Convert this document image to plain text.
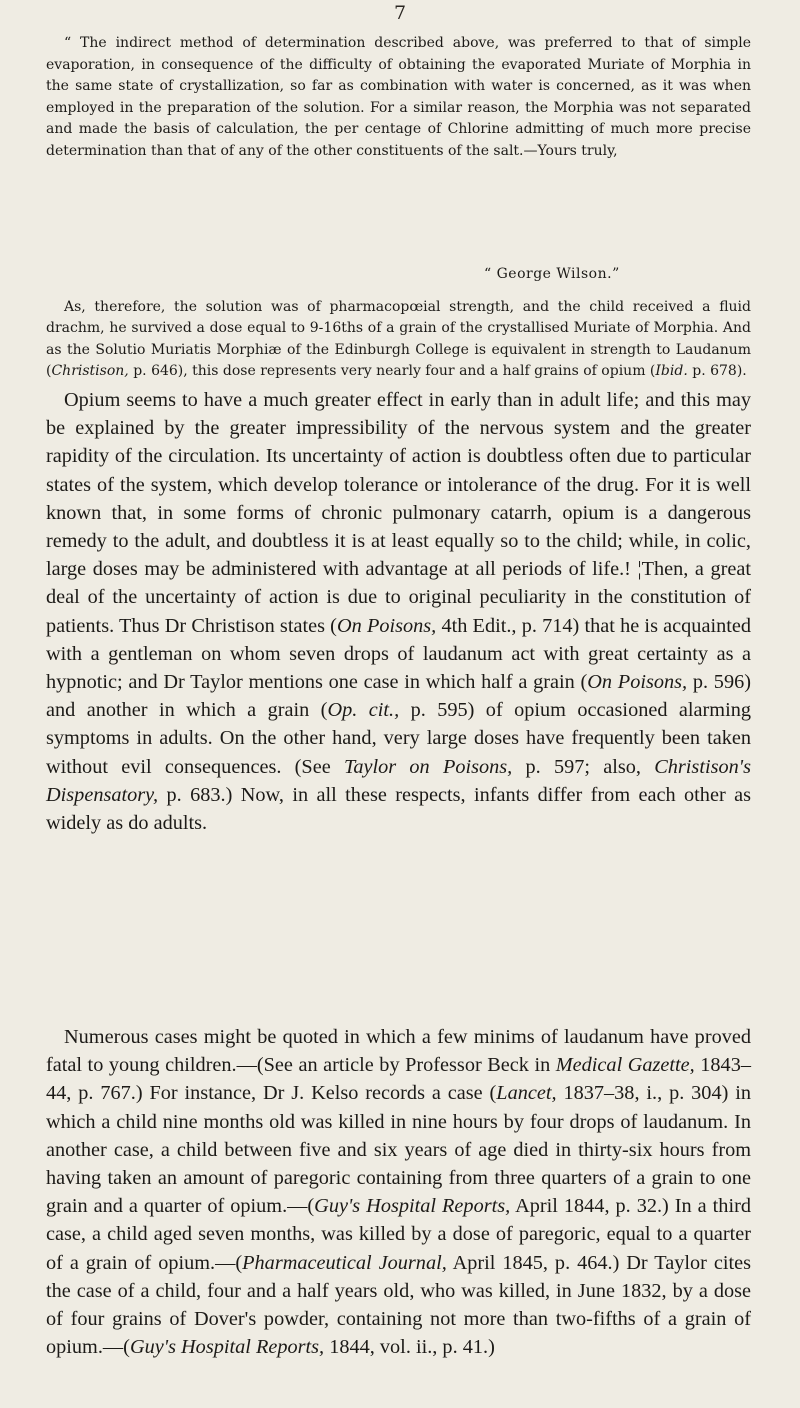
7

“ The indirect method of determination described above, was preferred to that of simple evaporation, in consequence of the difficulty of obtaining the evaporated Muriate of Morphia in the same state of crystallization, so far as combination with water is concerned, as it was when employed in the preparation of the solution. For a similar reason, the Morphia was not separated and made the basis of calculation, the per centage of Chlorine admitting of much more precise determination than that of any of the other constituents of the salt.—Yours truly,

“ George Wilson.”

As, therefore, the solution was of pharmacopœial strength, and the child received a fluid drachm, he survived a dose equal to 9-16ths of a grain of the crystallised Muriate of Morphia. And as the Solutio Muriatis Morphiæ of the Edinburgh College is equivalent in strength to Laudanum (Christison, p. 646), this dose represents very nearly four and a half grains of opium (Ibid. p. 678).

Opium seems to have a much greater effect in early than in adult life; and this may be explained by the greater impressibility of the nervous system and the greater rapidity of the circulation. Its uncertainty of action is doubtless often due to particular states of the system, which develop tolerance or intolerance of the drug. For it is well known that, in some forms of chronic pulmonary catarrh, opium is a dangerous remedy to the adult, and doubtless it is at least equally so to the child; while, in colic, large doses may be administered with advantage at all periods of life.! ¦Then, a great deal of the uncertainty of action is due to original peculiarity in the constitution of patients. Thus Dr Christison states (On Poisons, 4th Edit., p. 714) that he is acquainted with a gentleman on whom seven drops of laudanum act with great certainty as a hypnotic; and Dr Taylor mentions one case in which half a grain (On Poisons, p. 596) and another in which a grain (Op. cit., p. 595) of opium occasioned alarming symptoms in adults. On the other hand, very large doses have frequently been taken without evil consequences. (See Taylor on Poisons, p. 597; also, Christison's Dispensatory, p. 683.) Now, in all these respects, infants differ from each other as widely as do adults.

Numerous cases might be quoted in which a few minims of laudanum have proved fatal to young children.—(See an article by Professor Beck in Medical Gazette, 1843–44, p. 767.) For instance, Dr J. Kelso records a case (Lancet, 1837–38, i., p. 304) in which a child nine months old was killed in nine hours by four drops of laudanum. In another case, a child between five and six years of age died in thirty-six hours from having taken an amount of paregoric containing from three quarters of a grain to one grain and a quarter of opium.—(Guy's Hospital Reports, April 1844, p. 32.) In a third case, a child aged seven months, was killed by a dose of paregoric, equal to a quarter of a grain of opium.—(Pharmaceutical Journal, April 1845, p. 464.) Dr Taylor cites the case of a child, four and a half years old, who was killed, in June 1832, by a dose of four grains of Dover's powder, containing not more than two-fifths of a grain of opium.—(Guy's Hospital Reports, 1844, vol. ii., p. 41.)
